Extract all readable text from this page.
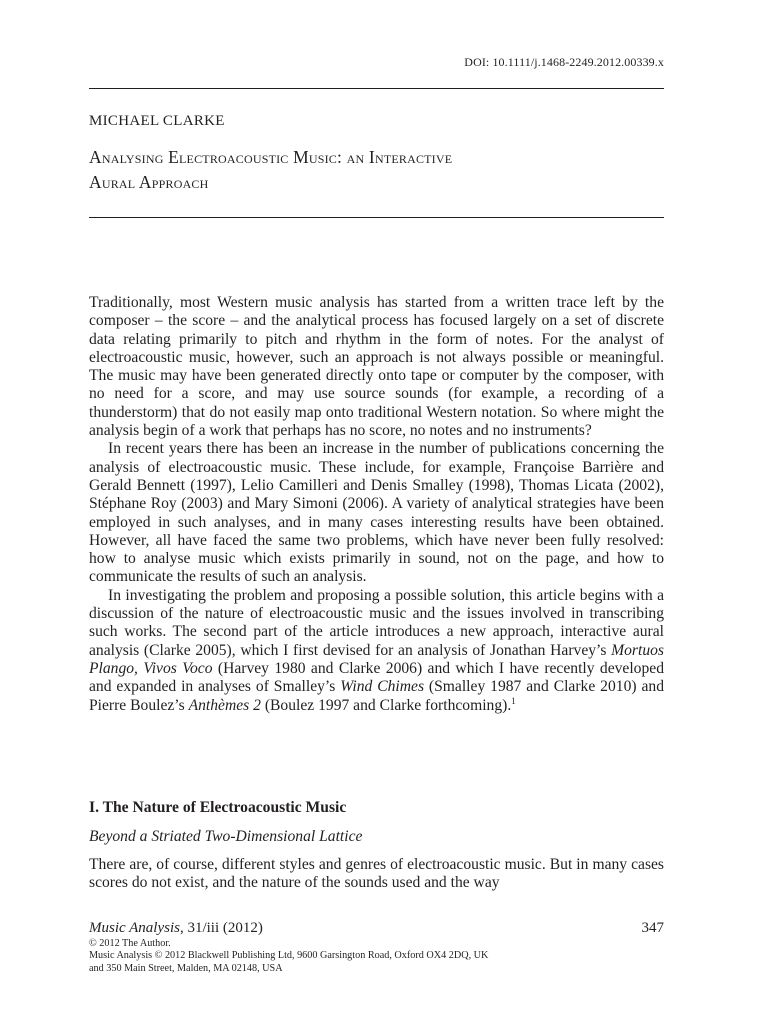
DOI: 10.1111/j.1468-2249.2012.00339.x
MICHAEL CLARKE
Analysing Electroacoustic Music: an Interactive
Aural Approach

Traditionally, most Western music analysis has started from a written trace left by the composer – the score – and the analytical process has focused largely on a set of discrete data relating primarily to pitch and rhythm in the form of notes. For the analyst of electroacoustic music, however, such an approach is not always possible or meaningful. The music may have been generated directly onto tape or computer by the composer, with no need for a score, and may use source sounds (for example, a recording of a thunderstorm) that do not easily map onto traditional Western notation. So where might the analysis begin of a work that perhaps has no score, no notes and no instruments?

In recent years there has been an increase in the number of publications concerning the analysis of electroacoustic music. These include, for example, Françoise Barrière and Gerald Bennett (1997), Lelio Camilleri and Denis Smalley (1998), Thomas Licata (2002), Stéphane Roy (2003) and Mary Simoni (2006). A variety of analytical strategies have been employed in such analyses, and in many cases interesting results have been obtained. However, all have faced the same two problems, which have never been fully resolved: how to analyse music which exists primarily in sound, not on the page, and how to communicate the results of such an analysis.

In investigating the problem and proposing a possible solution, this article begins with a discussion of the nature of electroacoustic music and the issues involved in transcribing such works. The second part of the article introduces a new approach, interactive aural analysis (Clarke 2005), which I first devised for an analysis of Jonathan Harvey’s Mortuos Plango, Vivos Voco (Harvey 1980 and Clarke 2006) and which I have recently developed and expanded in analyses of Smalley’s Wind Chimes (Smalley 1987 and Clarke 2010) and Pierre Boulez’s Anthèmes 2 (Boulez 1997 and Clarke forthcoming).$^1$

I. The Nature of Electroacoustic Music
Beyond a Striated Two-Dimensional Lattice

There are, of course, different styles and genres of electroacoustic music. But in many cases scores do not exist, and the nature of the sounds used and the way

Music Analysis, 31/iii (2012)	347
© 2012 The Author.
Music Analysis © 2012 Blackwell Publishing Ltd, 9600 Garsington Road, Oxford OX4 2DQ, UK
and 350 Main Street, Malden, MA 02148, USA
